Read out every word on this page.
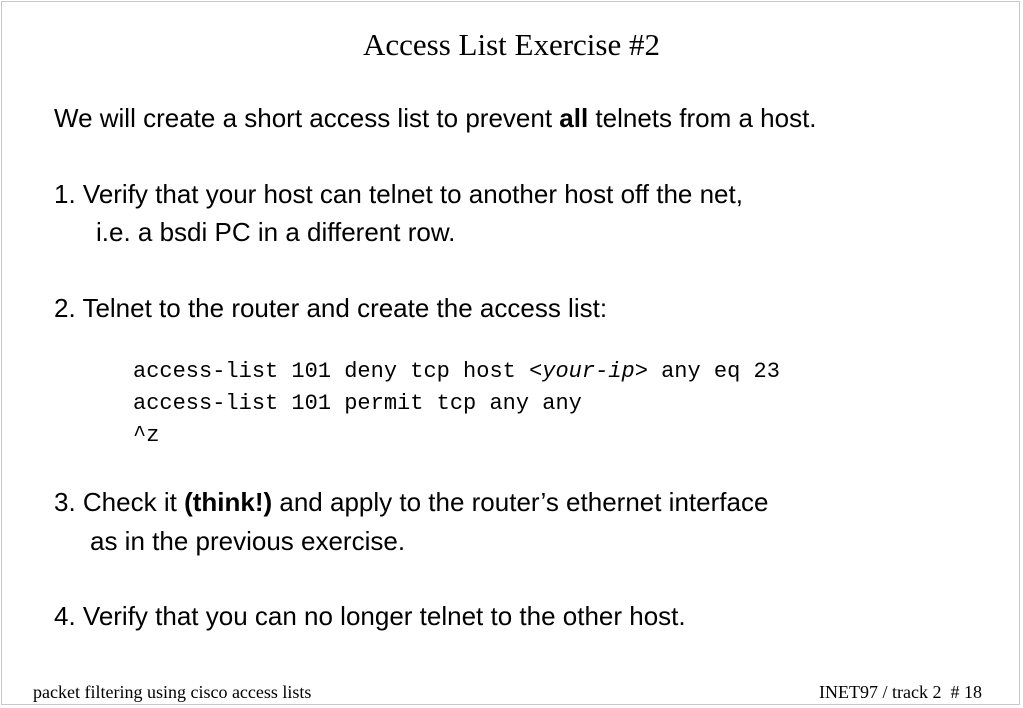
Access List Exercise #2
We will create a short access list to prevent all telnets from a host.
1. Verify that your host can telnet to another host off the net,
i.e. a bsdi PC in a different row.
2. Telnet to the router and create the access list:
access-list 101 deny tcp host <your-ip> any eq 23
access-list 101 permit tcp any any
^z
3. Check it (think!) and apply to the router’s ethernet interface
as in the previous exercise.
4. Verify that you can no longer telnet to the other host.
packet filtering using cisco access lists	INET97 / track 2  # 18
